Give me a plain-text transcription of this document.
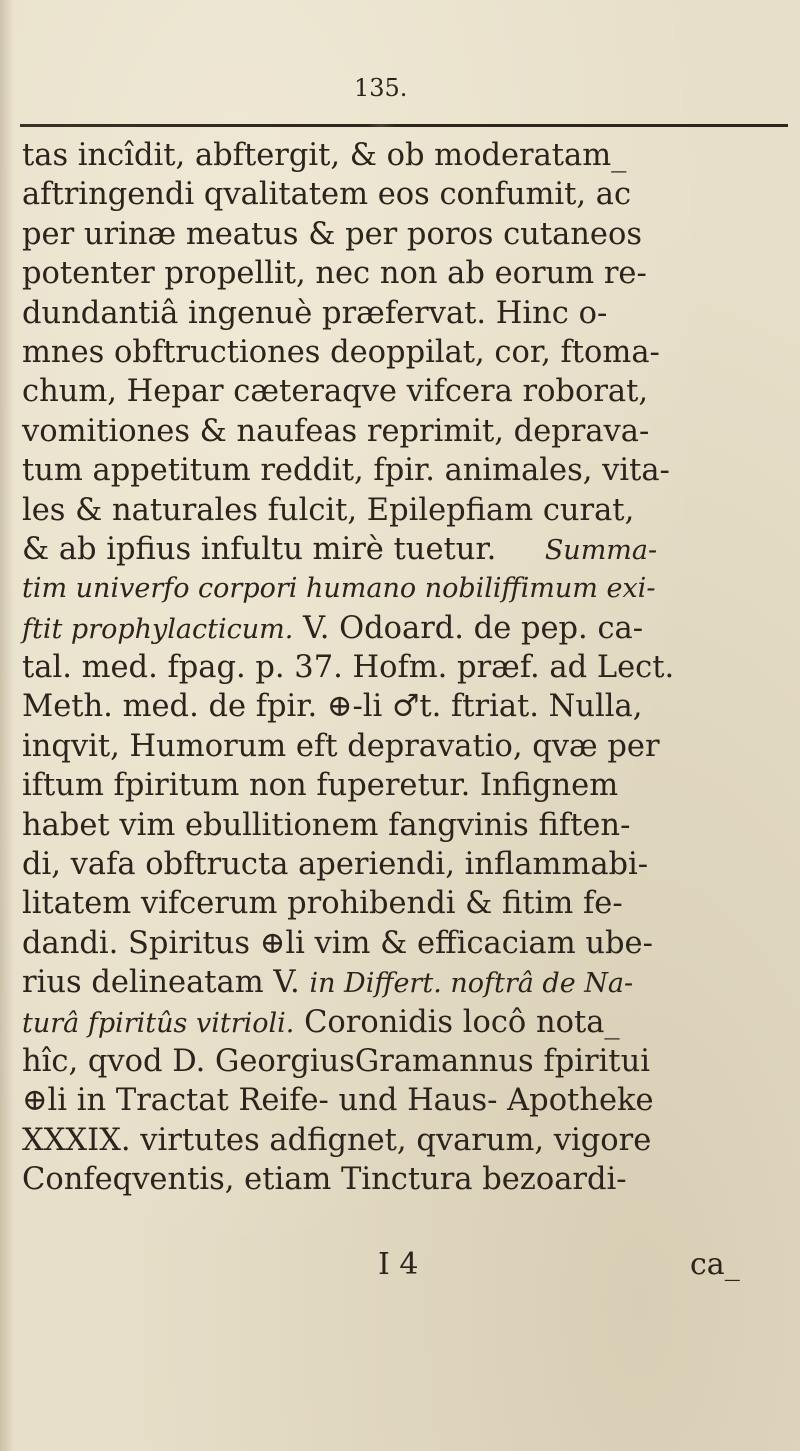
135.
tas incîdit, abftergit, & ob moderatam_
aftringendi qvalitatem eos confumit, ac
per urinæ meatus & per poros cutaneos
potenter propellit, nec non ab eorum re-
dundantiâ ingenuè præfervat. Hinc o-
mnes obftructiones deoppilat, cor, ftoma-
chum, Hepar cæteraqve vifcera roborat,
vomitiones & naufeas reprimit, deprava-
tum appetitum reddit, fpir. animales, vita-
les & naturales fulcit, Epilepfiam curat,
& ab ipfius infultu mirè tuetur. Summa-
tim univerfo corpori humano nobiliffimum exi-
ftit prophylacticum. V. Odoard. de pep. ca-
tal. med. fpag. p. 37. Hofm. præf. ad Lect.
Meth. med. de fpir. ⊕-li ♂t. ftriat. Nulla,
inqvit, Humorum eft depravatio, qvæ per
iftum fpiritum non fuperetur. Infignem
habet vim ebullitionem fangvinis fiften-
di, vafa obftructa aperiendi, inflammabi-
litatem vifcerum prohibendi & fitim fe-
dandi. Spiritus ⊕li vim & efficaciam ube-
rius delineatam V. in Differt. noftrâ de Na-
turâ fpiritûs vitrioli. Coronidis locô nota_
hîc, qvod D. GeorgiusGramannus fpiritui
⊕li in Tractat Reife- und Haus- Apotheke
XXXIX. virtutes adfignet, qvarum, vigore
Confeqventis, etiam Tinctura bezoardi-
I 4	ca_
